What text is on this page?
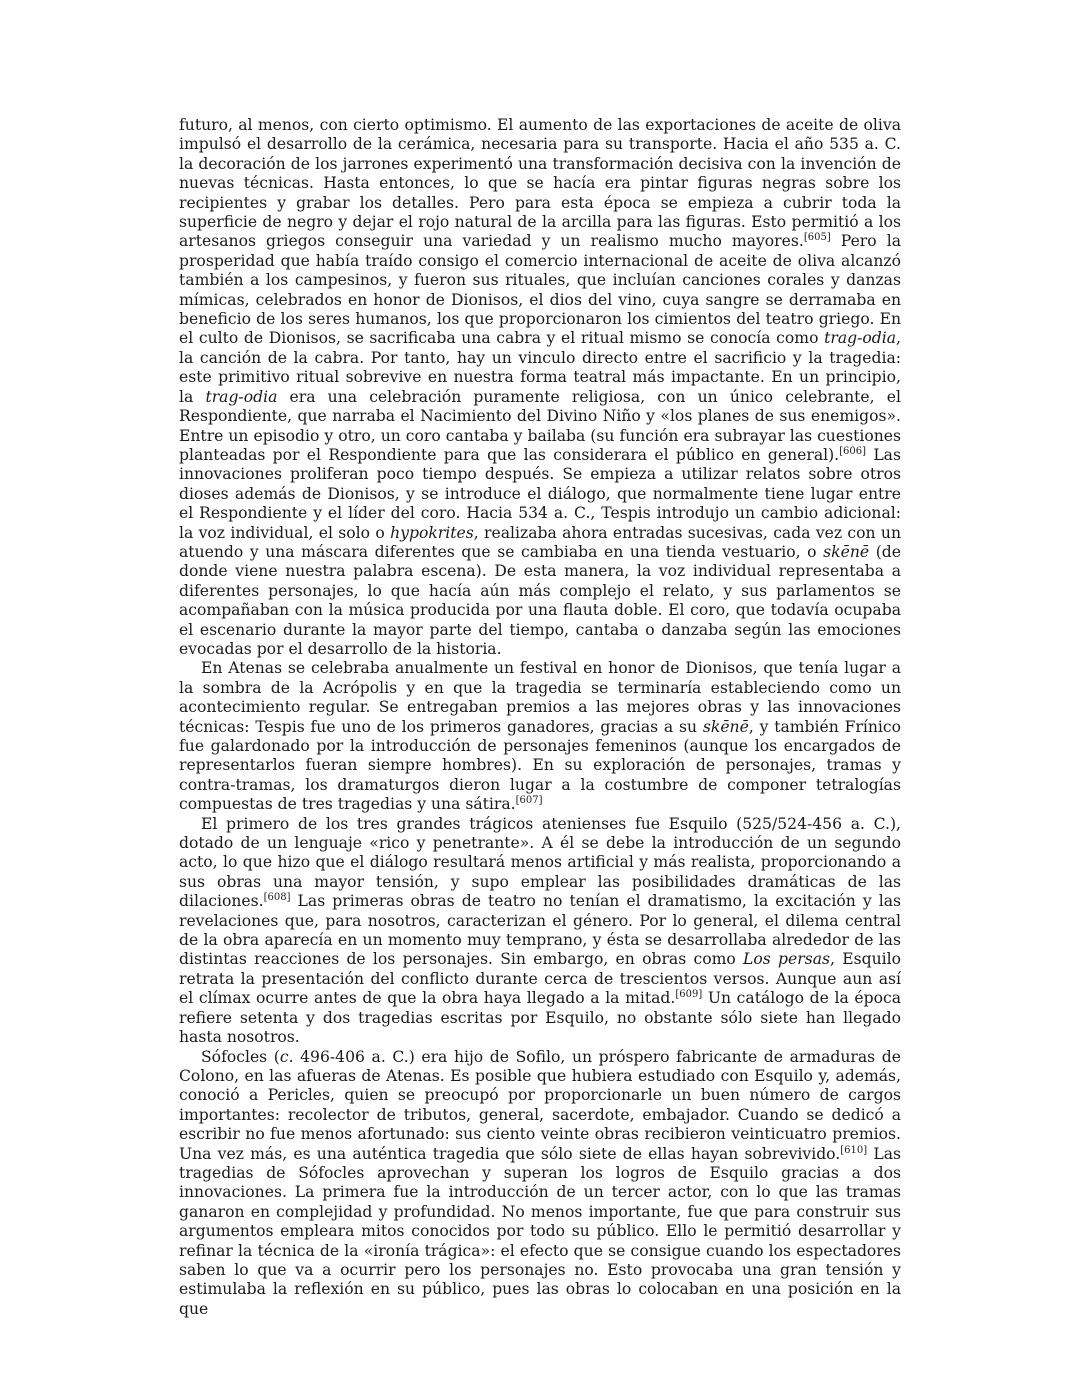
futuro, al menos, con cierto optimismo. El aumento de las exportaciones de aceite de oliva impulsó el desarrollo de la cerámica, necesaria para su transporte. Hacia el año 535 a. C. la decoración de los jarrones experimentó una transformación decisiva con la invención de nuevas técnicas. Hasta entonces, lo que se hacía era pintar figuras negras sobre los recipientes y grabar los detalles. Pero para esta época se empieza a cubrir toda la superficie de negro y dejar el rojo natural de la arcilla para las figuras. Esto permitió a los artesanos griegos conseguir una variedad y un realismo mucho mayores.[605] Pero la prosperidad que había traído consigo el comercio internacional de aceite de oliva alcanzó también a los campesinos, y fueron sus rituales, que incluían canciones corales y danzas mímicas, celebrados en honor de Dionisos, el dios del vino, cuya sangre se derramaba en beneficio de los seres humanos, los que proporcionaron los cimientos del teatro griego. En el culto de Dionisos, se sacrificaba una cabra y el ritual mismo se conocía como trag-odia, la canción de la cabra. Por tanto, hay un vinculo directo entre el sacrificio y la tragedia: este primitivo ritual sobrevive en nuestra forma teatral más impactante. En un principio, la trag-odia era una celebración puramente religiosa, con un único celebrante, el Respondiente, que narraba el Nacimiento del Divino Niño y «los planes de sus enemigos». Entre un episodio y otro, un coro cantaba y bailaba (su función era subrayar las cuestiones planteadas por el Respondiente para que las considerara el público en general).[606] Las innovaciones proliferan poco tiempo después. Se empieza a utilizar relatos sobre otros dioses además de Dionisos, y se introduce el diálogo, que normalmente tiene lugar entre el Respondiente y el líder del coro. Hacia 534 a. C., Tespis introdujo un cambio adicional: la voz individual, el solo o hypokrites, realizaba ahora entradas sucesivas, cada vez con un atuendo y una máscara diferentes que se cambiaba en una tienda vestuario, o skēnē (de donde viene nuestra palabra escena). De esta manera, la voz individual representaba a diferentes personajes, lo que hacía aún más complejo el relato, y sus parlamentos se acompañaban con la música producida por una flauta doble. El coro, que todavía ocupaba el escenario durante la mayor parte del tiempo, cantaba o danzaba según las emociones evocadas por el desarrollo de la historia.

En Atenas se celebraba anualmente un festival en honor de Dionisos, que tenía lugar a la sombra de la Acrópolis y en que la tragedia se terminaría estableciendo como un acontecimiento regular. Se entregaban premios a las mejores obras y las innovaciones técnicas: Tespis fue uno de los primeros ganadores, gracias a su skēnē, y también Frínico fue galardonado por la introducción de personajes femeninos (aunque los encargados de representarlos fueran siempre hombres). En su exploración de personajes, tramas y contra-tramas, los dramaturgos dieron lugar a la costumbre de componer tetralogías compuestas de tres tragedias y una sátira.[607]

El primero de los tres grandes trágicos atenienses fue Esquilo (525/524-456 a. C.), dotado de un lenguaje «rico y penetrante». A él se debe la introducción de un segundo acto, lo que hizo que el diálogo resultará menos artificial y más realista, proporcionando a sus obras una mayor tensión, y supo emplear las posibilidades dramáticas de las dilaciones.[608] Las primeras obras de teatro no tenían el dramatismo, la excitación y las revelaciones que, para nosotros, caracterizan el género. Por lo general, el dilema central de la obra aparecía en un momento muy temprano, y ésta se desarrollaba alrededor de las distintas reacciones de los personajes. Sin embargo, en obras como Los persas, Esquilo retrata la presentación del conflicto durante cerca de trescientos versos. Aunque aun así el clímax ocurre antes de que la obra haya llegado a la mitad.[609] Un catálogo de la época refiere setenta y dos tragedias escritas por Esquilo, no obstante sólo siete han llegado hasta nosotros.

Sófocles (c. 496-406 a. C.) era hijo de Sofilo, un próspero fabricante de armaduras de Colono, en las afueras de Atenas. Es posible que hubiera estudiado con Esquilo y, además, conoció a Pericles, quien se preocupó por proporcionarle un buen número de cargos importantes: recolector de tributos, general, sacerdote, embajador. Cuando se dedicó a escribir no fue menos afortunado: sus ciento veinte obras recibieron veinticuatro premios. Una vez más, es una auténtica tragedia que sólo siete de ellas hayan sobrevivido.[610] Las tragedias de Sófocles aprovechan y superan los logros de Esquilo gracias a dos innovaciones. La primera fue la introducción de un tercer actor, con lo que las tramas ganaron en complejidad y profundidad. No menos importante, fue que para construir sus argumentos empleara mitos conocidos por todo su público. Ello le permitió desarrollar y refinar la técnica de la «ironía trágica»: el efecto que se consigue cuando los espectadores saben lo que va a ocurrir pero los personajes no. Esto provocaba una gran tensión y estimulaba la reflexión en su público, pues las obras lo colocaban en una posición en la que
